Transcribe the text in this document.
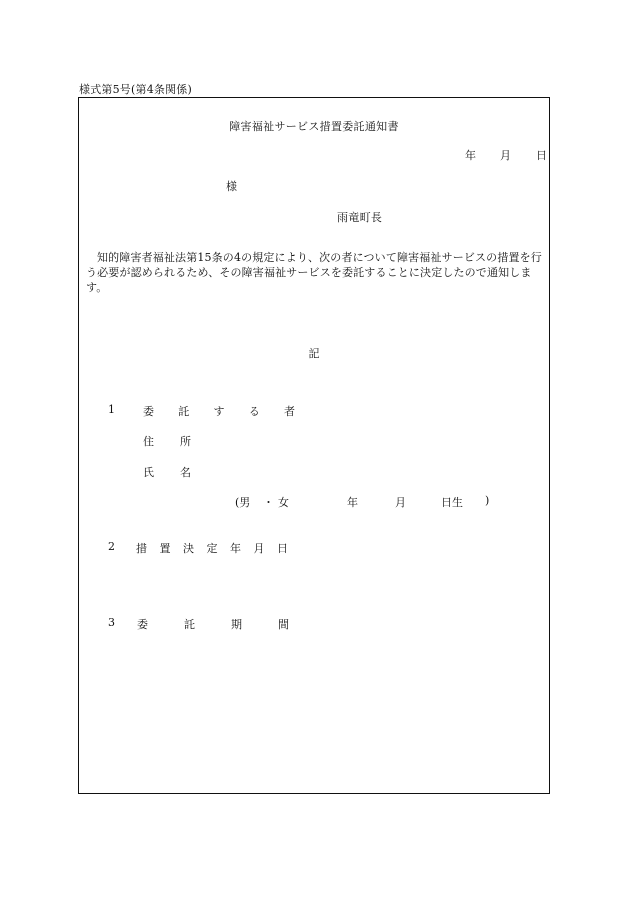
様式第5号(第4条関係)
障害福祉サービス措置委託通知書
年 月 日
様
雨竜町長
知的障害者福祉法第15条の4の規定により、次の者について障害福祉サービスの措置を行う必要が認められるため、その障害福祉サービスを委託することに決定したので通知します。
記
1	委 託 す る 者
住 所
氏 名
(男 ・ 女	年	月	日生 )
2 措 置 決 定 年 月 日
3 委	託	期	間
